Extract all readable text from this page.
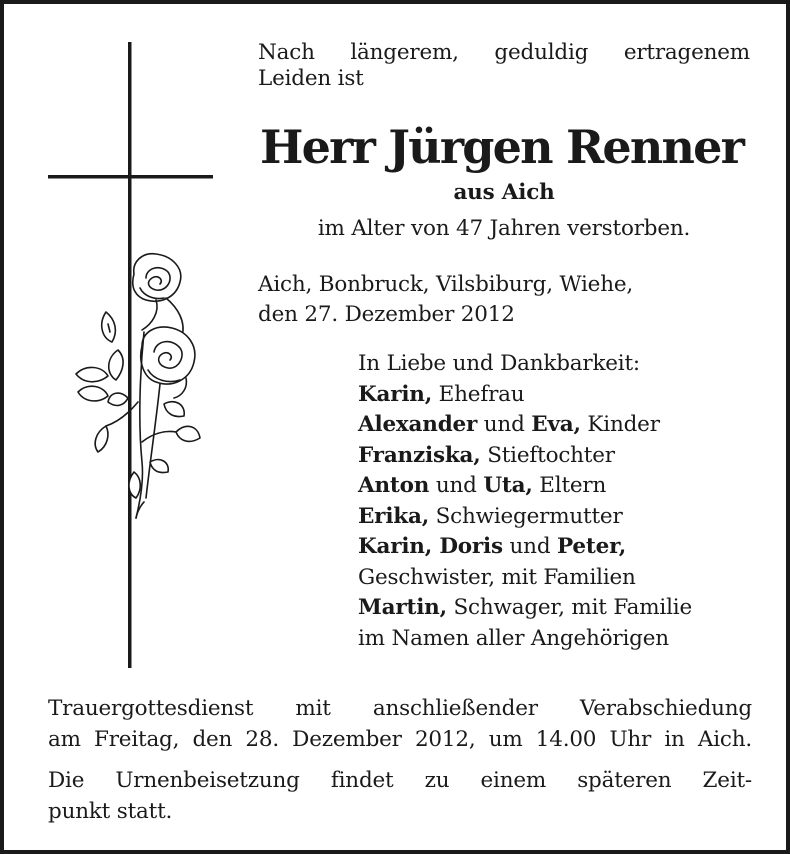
Nach längerem, geduldig ertragenem
Leiden ist
Herr Jürgen Renner
aus Aich
im Alter von 47 Jahren verstorben.
Aich, Bonbruck, Vilsbiburg, Wiehe,
den 27. Dezember 2012
In Liebe und Dankbarkeit:
Karin, Ehefrau
Alexander und Eva, Kinder
Franziska, Stieftochter
Anton und Uta, Eltern
Erika, Schwiegermutter
Karin, Doris und Peter,
Geschwister, mit Familien
Martin, Schwager, mit Familie
im Namen aller Angehörigen
Trauergottesdienst mit anschließender Verabschiedung
am Freitag, den 28. Dezember 2012, um 14.00 Uhr in Aich.
Die Urnenbeisetzung findet zu einem späteren Zeit-
punkt statt.
